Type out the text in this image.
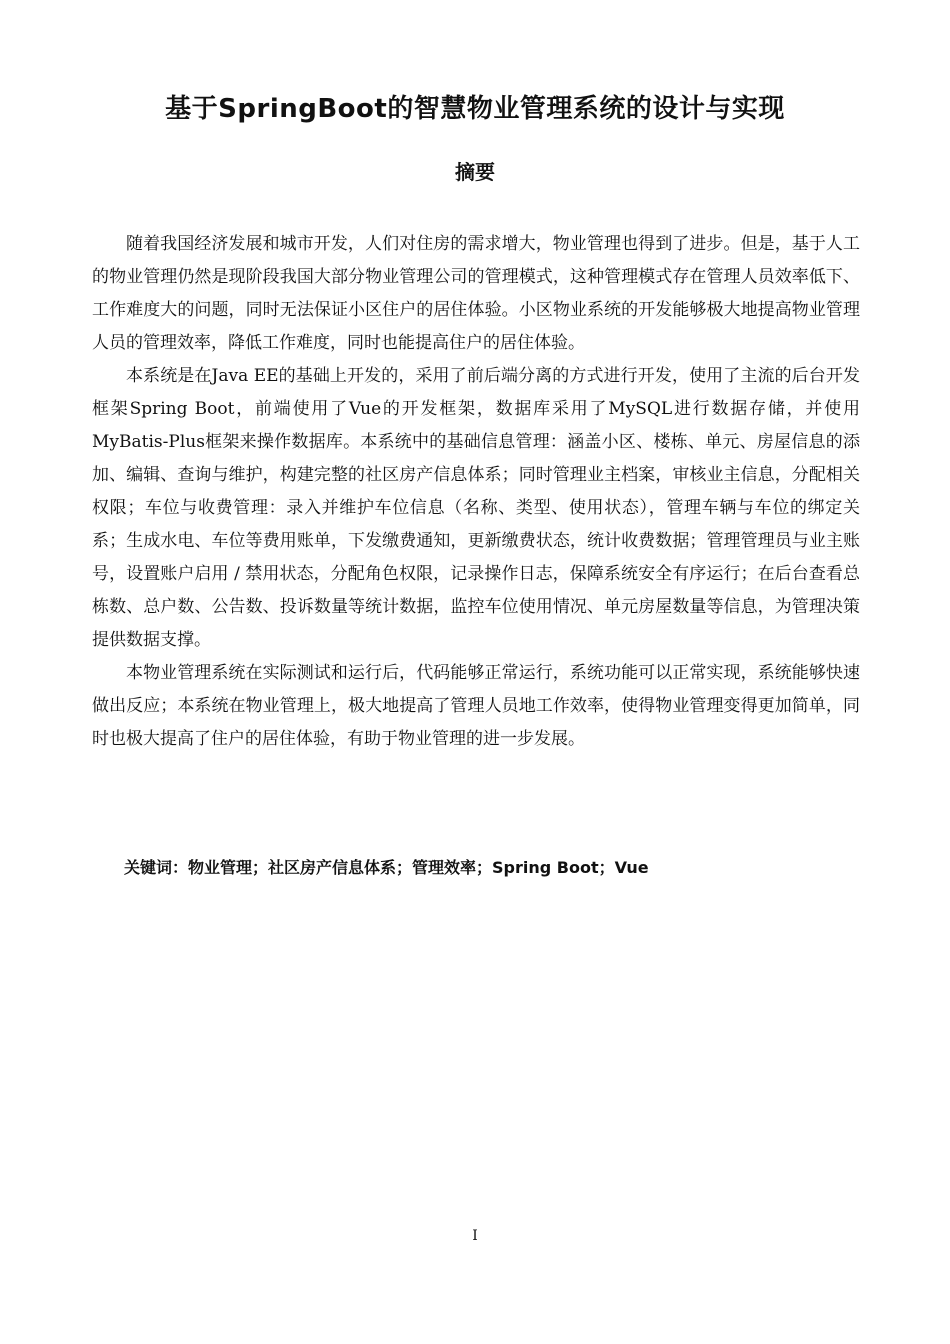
基于SpringBoot的智慧物业管理系统的设计与实现
摘要

随着我国经济发展和城市开发，人们对住房的需求增大，物业管理也得到了进步。但是，基于人工的物业管理仍然是现阶段我国大部分物业管理公司的管理模式，这种管理模式存在管理人员效率低下、工作难度大的问题，同时无法保证小区住户的居住体验。小区物业系统的开发能够极大地提高物业管理人员的管理效率，降低工作难度，同时也能提高住户的居住体验。

本系统是在Java EE的基础上开发的，采用了前后端分离的方式进行开发，使用了主流的后台开发框架Spring Boot，前端使用了Vue的开发框架，数据库采用了MySQL进行数据存储，并使用MyBatis-Plus框架来操作数据库。本系统中的基础信息管理：涵盖小区、楼栋、单元、房屋信息的添加、编辑、查询与维护，构建完整的社区房产信息体系；同时管理业主档案，审核业主信息，分配相关权限；车位与收费管理：录入并维护车位信息（名称、类型、使用状态），管理车辆与车位的绑定关系；生成水电、车位等费用账单，下发缴费通知，更新缴费状态，统计收费数据；管理管理员与业主账号，设置账户启用 / 禁用状态，分配角色权限，记录操作日志，保障系统安全有序运行；在后台查看总栋数、总户数、公告数、投诉数量等统计数据，监控车位使用情况、单元房屋数量等信息，为管理决策提供数据支撑。

本物业管理系统在实际测试和运行后，代码能够正常运行，系统功能可以正常实现，系统能够快速做出反应；本系统在物业管理上，极大地提高了管理人员地工作效率，使得物业管理变得更加简单，同时也极大提高了住户的居住体验，有助于物业管理的进一步发展。

关键词：物业管理；社区房产信息体系；管理效率；Spring Boot；Vue
I
